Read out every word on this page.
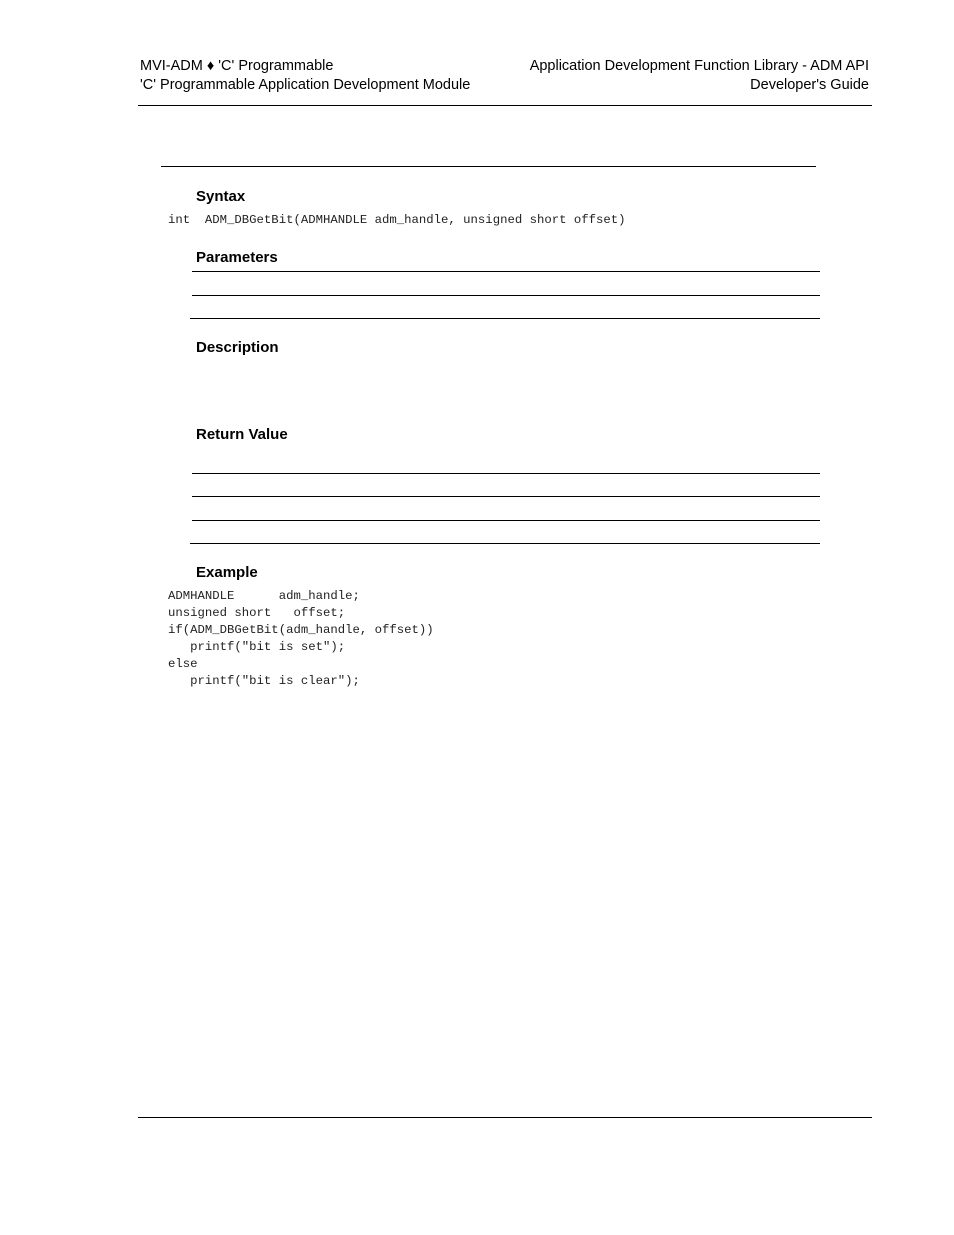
MVI-ADM ♦ 'C' Programmable
'C' Programmable Application Development Module
Application Development Function Library - ADM API
Developer's Guide
Syntax
int  ADM_DBGetBit(ADMHANDLE adm_handle, unsigned short offset)
Parameters
Description
Return Value
Example
ADMHANDLE      adm_handle;
unsigned short   offset;
if(ADM_DBGetBit(adm_handle, offset))
printf("bit is set");
else
printf("bit is clear");
